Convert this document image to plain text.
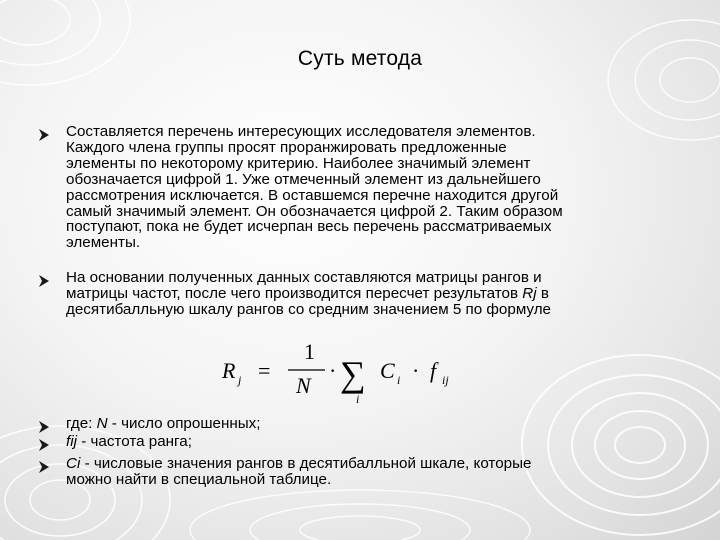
Суть метода
Составляется перечень интересующих исследователя элементов.
Каждого члена группы просят проранжировать предложенные
элементы по некоторому критерию. Наиболее значимый элемент
обозначается цифрой 1. Уже отмеченный элемент из дальнейшего
рассмотрения исключается. В оставшемся перечне находится другой
самый значимый элемент. Он обозначается цифрой 2. Таким образом
поступают, пока не будет исчерпан весь перечень рассматриваемых
элементы.
На основании полученных данных составляются матрицы рангов и
матрицы частот, после чего производится пересчет результатов Rj в
десятибалльную шкалу рангов со средним значением 5 по формуле
R j =
1
N
· ∑
i
C i · f ij
где: N - число опрошенных;
fij - частота ранга;
Ci - числовые значения рангов в десятибалльной шкале, которые
можно найти в специальной таблице.
